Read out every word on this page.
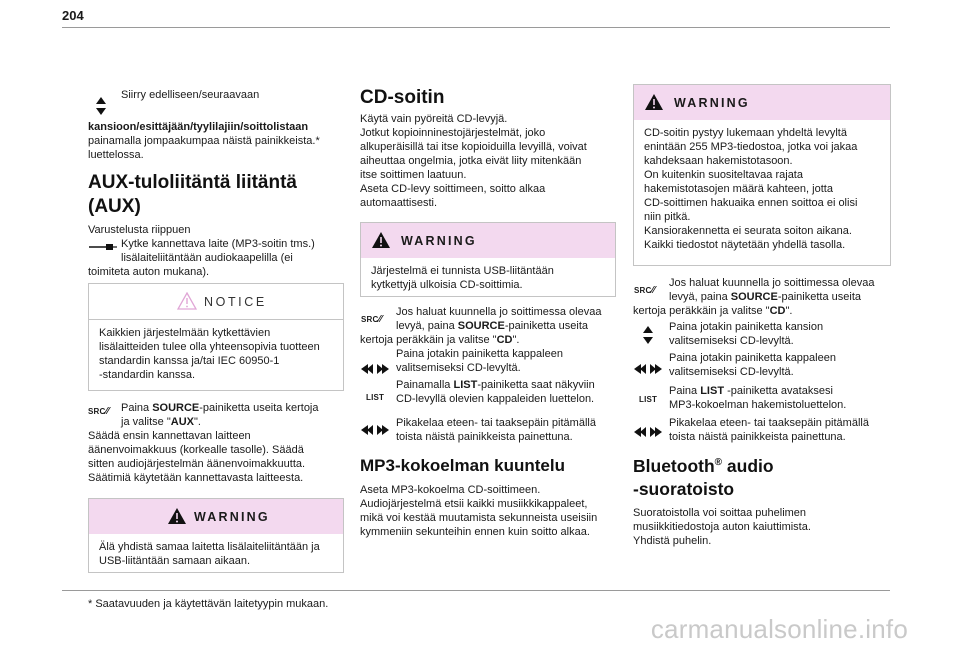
204
* Saatavuuden ja käytettävän laitetyypin mukaan.
carmanualsonline.info
Siirry edelliseen/seuraavaan
kansioon/esittäjään/tyylilajiin/soittolistaan
painamalla jompaakumpaa näistä painikkeista.*
luettelossa.
AUX-tuloliitäntä liitäntä
(AUX)
Varustelusta riippuen
Kytke kannettava laite (MP3-soitin tms.)
lisälaiteliitäntään audiokaapelilla (ei
toimiteta auton mukana).
NOTICE
Kaikkien järjestelmään kytkettävien
lisälaitteiden tulee olla yhteensopivia tuotteen
standardin kanssa ja/tai IEC 60950-1
-standardin kanssa.
SRC⁄⁄ Paina SOURCE-painiketta useita kertoja
ja valitse "AUX".
Säädä ensin kannettavan laitteen
äänenvoimakkuus (korkealle tasolle). Säädä
sitten audiojärjestelmän äänenvoimakkuutta.
Säätimiä käytetään kannettavasta laitteesta.
WARNING
Älä yhdistä samaa laitetta lisälaiteliitäntään ja
USB-liitäntään samaan aikaan.
CD-soitin
Käytä vain pyöreitä CD-levyjä.
Jotkut kopioinninestojärjestelmät, joko
alkuperäisillä tai itse kopioiduilla levyillä, voivat
aiheuttaa ongelmia, jotka eivät liity mitenkään
itse soittimen laatuun.
Aseta CD-levy soittimeen, soitto alkaa
automaattisesti.
WARNING
Järjestelmä ei tunnista USB-liitäntään
kytkettyjä ulkoisia CD-soittimia.
SRC⁄⁄
Jos haluat kuunnella jo soittimessa olevaa
levyä, paina SOURCE-painiketta useita
kertoja peräkkäin ja valitse "CD".
Paina jotakin painiketta kappaleen
valitsemiseksi CD-levyltä.
LIST
Painamalla LIST-painiketta saat näkyviin
CD-levyllä olevien kappaleiden luettelon.
Pikakelaa eteen- tai taaksepäin pitämällä
toista näistä painikkeista painettuna.
MP3-kokoelman kuuntelu
Aseta MP3-kokoelma CD-soittimeen.
Audiojärjestelmä etsii kaikki musiikkikappaleet,
mikä voi kestää muutamista sekunneista useisiin
kymmeniin sekunteihin ennen kuin soitto alkaa.
WARNING
CD-soitin pystyy lukemaan yhdeltä levyltä
enintään 255 MP3-tiedostoa, jotka voi jakaa
kahdeksaan hakemistotasoon.
On kuitenkin suositeltavaa rajata
hakemistotasojen määrä kahteen, jotta
CD-soittimen hakuaika ennen soittoa ei olisi
niin pitkä.
Kansiorakennetta ei seurata soiton aikana.
Kaikki tiedostot näytetään yhdellä tasolla.
SRC⁄⁄
Jos haluat kuunnella jo soittimessa olevaa
levyä, paina SOURCE-painiketta useita
kertoja peräkkäin ja valitse "CD".
Paina jotakin painiketta kansion
valitsemiseksi CD-levyltä.
Paina jotakin painiketta kappaleen
valitsemiseksi CD-levyltä.
LIST
Paina LIST -painiketta avataksesi
MP3-kokoelman hakemistoluettelon.
Pikakelaa eteen- tai taaksepäin pitämällä
toista näistä painikkeista painettuna.
Bluetooth® audio
-suoratoisto
Suoratoistolla voi soittaa puhelimen
musiikkitiedostoja auton kaiuttimista.
Yhdistä puhelin.
